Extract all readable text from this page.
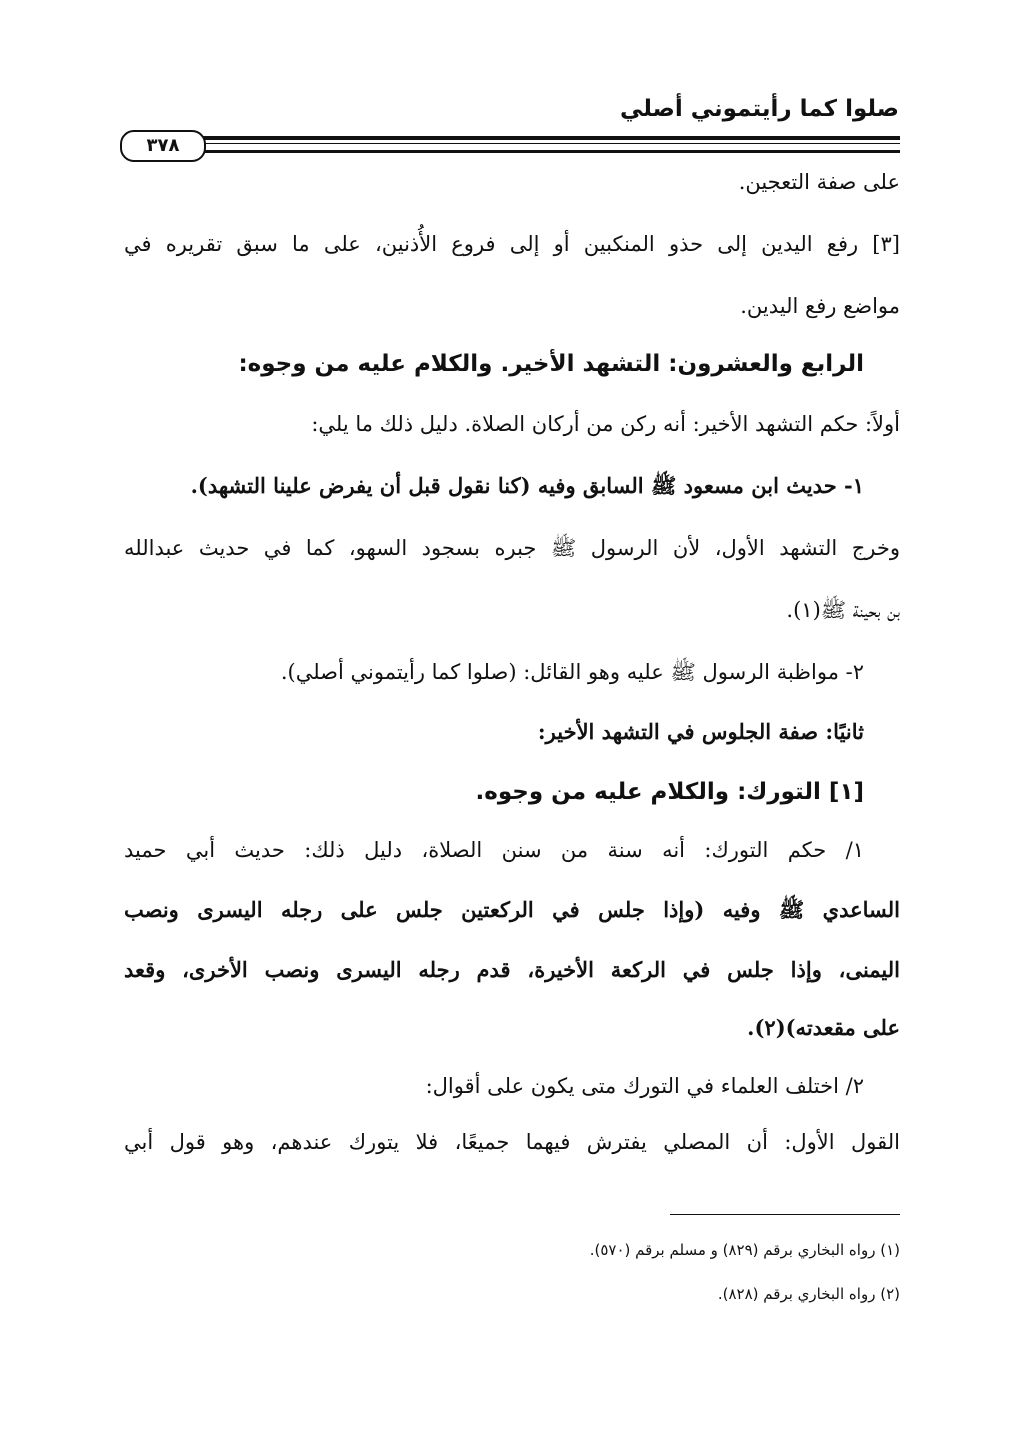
صلوا كما رأيتموني أصلي
٣٧٨
على صفة التعجين.
[٣] رفع اليدين إلى حذو المنكبين أو إلى فروع الأُذنين، على ما سبق تقريره في
مواضع رفع اليدين.
الرابع والعشرون: التشهد الأخير. والكلام عليه من وجوه:
أولاً: حكم التشهد الأخير: أنه ركن من أركان الصلاة. دليل ذلك ما يلي:
١- حديث ابن مسعود ﷺ السابق وفيه (كنا نقول قبل أن يفرض علينا التشهد).
وخرج التشهد الأول، لأن الرسول ﷺ جبره بسجود السهو، كما في حديث عبدالله
بن بحينة ﷺ(١).
٢- مواظبة الرسول ﷺ عليه وهو القائل: (صلوا كما رأيتموني أصلي).
ثانيًا: صفة الجلوس في التشهد الأخير:
[١] التورك: والكلام عليه من وجوه.
١/ حكم التورك: أنه سنة من سنن الصلاة، دليل ذلك: حديث أبي حميد
الساعدي ﷺ وفيه (وإذا جلس في الركعتين جلس على رجله اليسرى ونصب
اليمنى، وإذا جلس في الركعة الأخيرة، قدم رجله اليسرى ونصب الأخرى، وقعد
على مقعدته)(٢).
٢/ اختلف العلماء في التورك متى يكون على أقوال:
القول الأول: أن المصلي يفترش فيهما جميعًا، فلا يتورك عندهم، وهو قول أبي
(١) رواه البخاري برقم (٨٢٩) و مسلم برقم (٥٧٠).
(٢) رواه البخاري برقم (٨٢٨).
